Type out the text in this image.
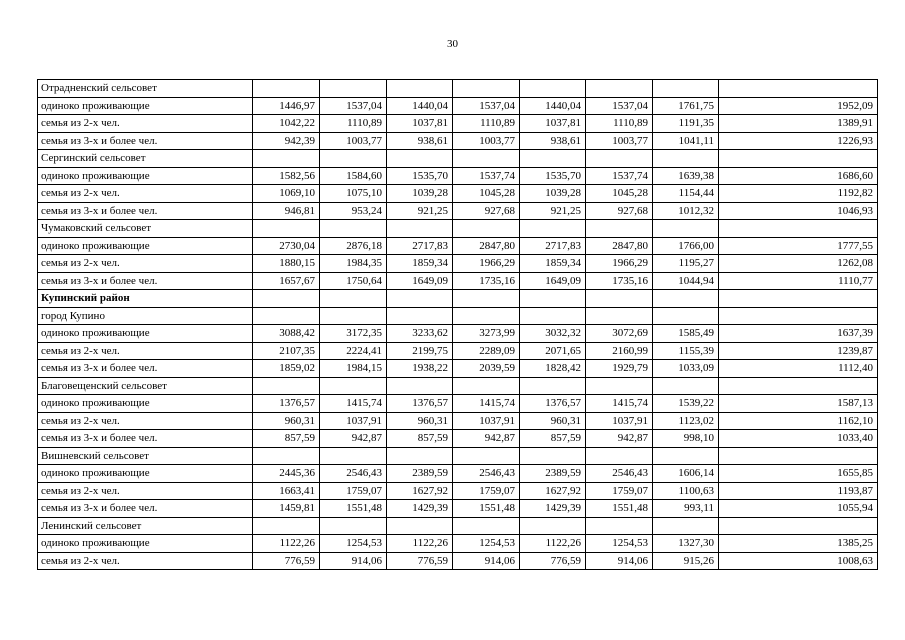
30
Отрадненский сельсовет								
одиноко проживающие	1446,97	1537,04	1440,04	1537,04	1440,04	1537,04	1761,75	1952,09
семья из 2-х чел.	1042,22	1110,89	1037,81	1110,89	1037,81	1110,89	1191,35	1389,91
семья из 3-х и более чел.	942,39	1003,77	938,61	1003,77	938,61	1003,77	1041,11	1226,93
Сергинский сельсовет								
одиноко проживающие	1582,56	1584,60	1535,70	1537,74	1535,70	1537,74	1639,38	1686,60
семья из 2-х чел.	1069,10	1075,10	1039,28	1045,28	1039,28	1045,28	1154,44	1192,82
семья из 3-х и более чел.	946,81	953,24	921,25	927,68	921,25	927,68	1012,32	1046,93
Чумаковский сельсовет								
одиноко проживающие	2730,04	2876,18	2717,83	2847,80	2717,83	2847,80	1766,00	1777,55
семья из 2-х чел.	1880,15	1984,35	1859,34	1966,29	1859,34	1966,29	1195,27	1262,08
семья из 3-х и более чел.	1657,67	1750,64	1649,09	1735,16	1649,09	1735,16	1044,94	1110,77
Купинский район								
город Купино								
одиноко проживающие	3088,42	3172,35	3233,62	3273,99	3032,32	3072,69	1585,49	1637,39
семья из 2-х чел.	2107,35	2224,41	2199,75	2289,09	2071,65	2160,99	1155,39	1239,87
семья из 3-х и более чел.	1859,02	1984,15	1938,22	2039,59	1828,42	1929,79	1033,09	1112,40
Благовещенский сельсовет								
одиноко проживающие	1376,57	1415,74	1376,57	1415,74	1376,57	1415,74	1539,22	1587,13
семья из 2-х чел.	960,31	1037,91	960,31	1037,91	960,31	1037,91	1123,02	1162,10
семья из 3-х и более чел.	857,59	942,87	857,59	942,87	857,59	942,87	998,10	1033,40
Вишневский сельсовет								
одиноко проживающие	2445,36	2546,43	2389,59	2546,43	2389,59	2546,43	1606,14	1655,85
семья из 2-х чел.	1663,41	1759,07	1627,92	1759,07	1627,92	1759,07	1100,63	1193,87
семья из 3-х и более чел.	1459,81	1551,48	1429,39	1551,48	1429,39	1551,48	993,11	1055,94
Ленинский сельсовет								
одиноко проживающие	1122,26	1254,53	1122,26	1254,53	1122,26	1254,53	1327,30	1385,25
семья из 2-х чел.	776,59	914,06	776,59	914,06	776,59	914,06	915,26	1008,63
